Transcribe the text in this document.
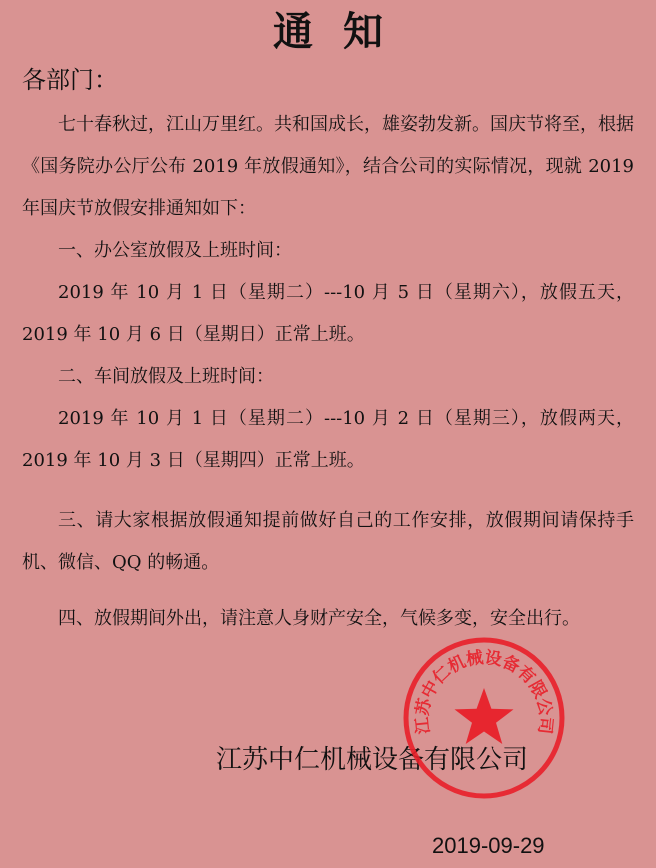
通 知
各部门：

七十春秋过，江山万里红。共和国成长，雄姿勃发新。国庆节将至，根据《国务院办公厅公布 2019 年放假通知》，结合公司的实际情况，现就 2019 年国庆节放假安排通知如下：

一、办公室放假及上班时间：

2019 年 10 月 1 日（星期二）---10 月 5 日（星期六），放假五天，2019 年 10 月 6 日（星期日）正常上班。

二、车间放假及上班时间：

2019 年 10 月 1 日（星期二）---10 月 2 日（星期三），放假两天，2019 年 10 月 3 日（星期四）正常上班。

三、请大家根据放假通知提前做好自己的工作安排，放假期间请保持手机、微信、QQ 的畅通。

四、放假期间外出，请注意人身财产安全，气候多变，安全出行。

江苏中仁机械设备有限公司
2019-09-29
江苏中仁机械设备有限公司
